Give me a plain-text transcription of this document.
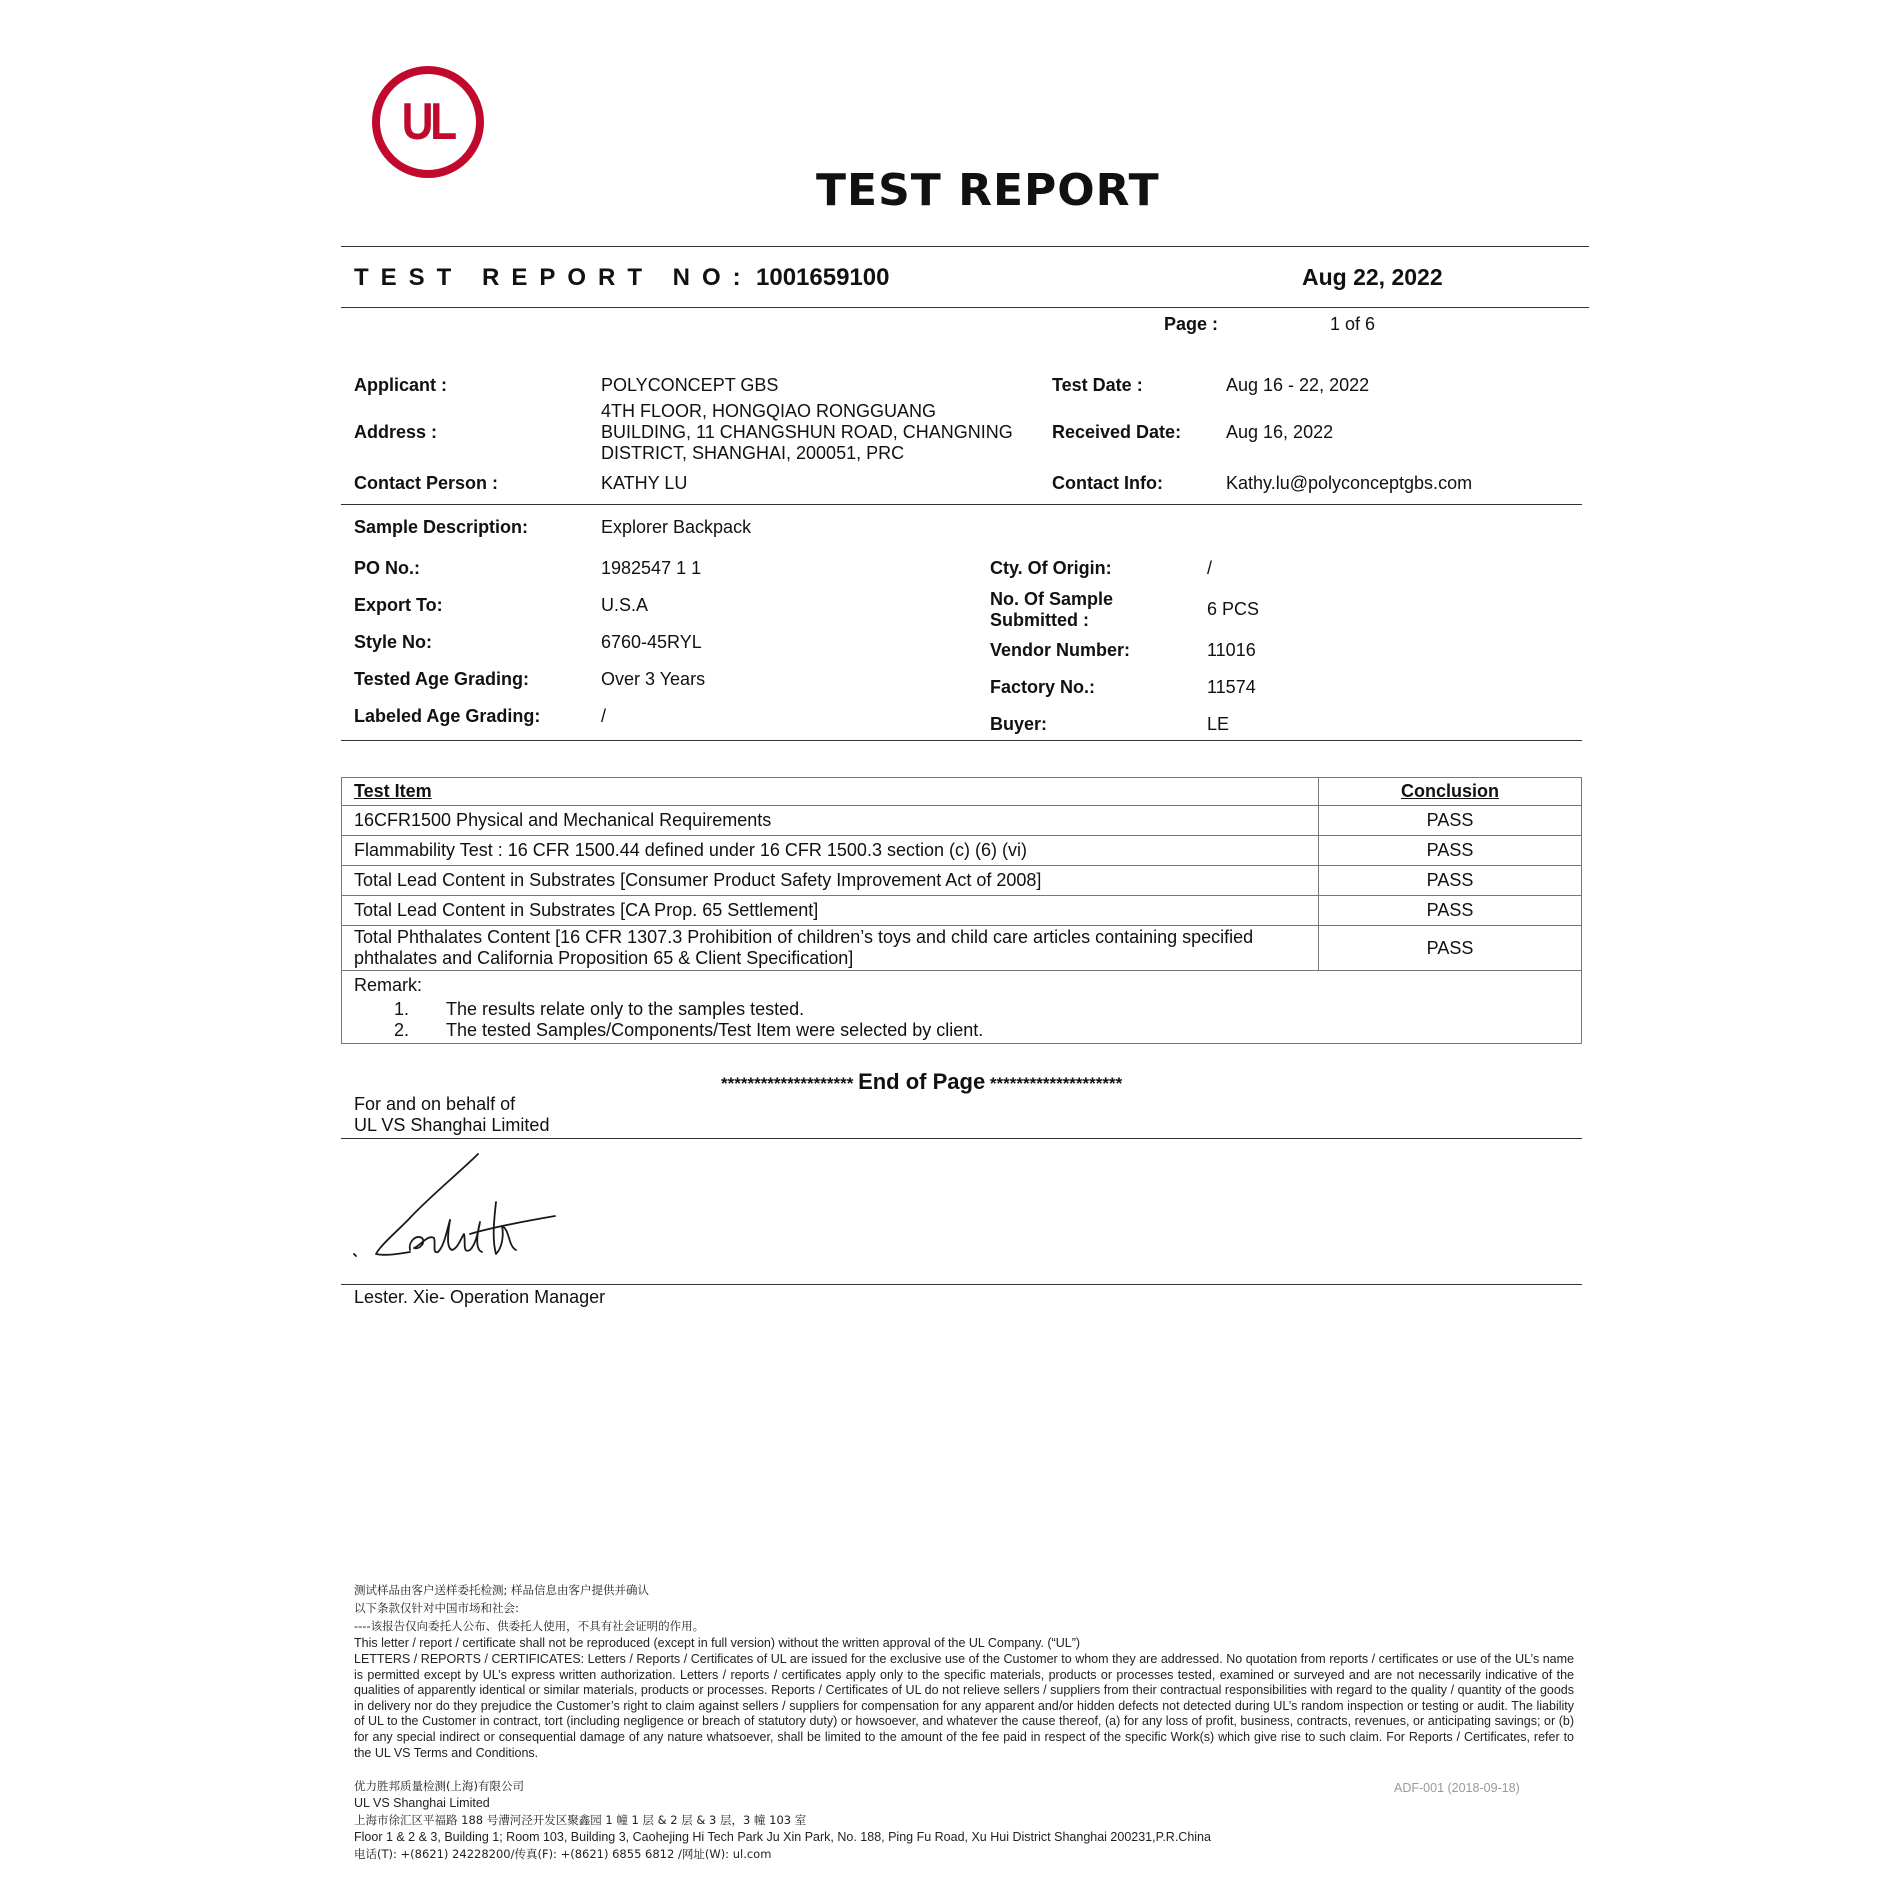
UL
TEST REPORT
TEST REPORT NO: 1001659100	Aug 22, 2022
Page :	1 of 6
Applicant :	POLYCONCEPT GBS
Address :
4TH FLOOR, HONGQIAO RONGGUANG
BUILDING, 11 CHANGSHUN ROAD, CHANGNING
DISTRICT, SHANGHAI, 200051, PRC
Contact Person :	KATHY LU
Test Date :	Aug 16 - 22, 2022
Received Date: Aug 16, 2022
Contact Info:	Kathy.lu@polyconceptgbs.com
Sample Description:	Explorer Backpack
PO No.:	1982547 1 1
Export To:	U.S.A
Style No:	6760-45RYL
Tested Age Grading:	Over 3 Years
Labeled Age Grading:	/
Cty. Of Origin:	/
No. Of Sample
Submitted :
6 PCS
Vendor Number:	11016
Factory No.:	11574
Buyer:	LE
Test Item	Conclusion
16CFR1500 Physical and Mechanical Requirements	PASS
Flammability Test : 16 CFR 1500.44 defined under 16 CFR 1500.3 section (c) (6) (vi)	PASS
Total Lead Content in Substrates [Consumer Product Safety Improvement Act of 2008]	PASS
Total Lead Content in Substrates [CA Prop. 65 Settlement]	PASS

Total Phthalates Content [16 CFR 1307.3 Prohibition of children’s toys and child care articles containing specified
phthalates and California Proposition 65 & Client Specification]	PASS

Remark:
1. The results relate only to the samples tested.
2. The tested Samples/Components/Test Item were selected by client.	
******************** End of Page ********************
For and on behalf of
UL VS Shanghai Limited
Lester. Xie- Operation Manager
测试样品由客户送样委托检测; 样品信息由客户提供并确认
以下条款仅针对中国市场和社会:
----该报告仅向委托人公布、供委托人使用，不具有社会证明的作用。
This letter / report / certificate shall not be reproduced (except in full version) without the written approval of the UL Company. (“UL”)
LETTERS / REPORTS / CERTIFICATES: Letters / Reports / Certificates of UL are issued for the exclusive use of the Customer to whom they are addressed. No quotation from reports / certificates or use of the UL’s name is permitted except by UL’s express written authorization. Letters / reports / certificates apply only to the specific materials, products or processes tested, examined or surveyed and are not necessarily indicative of the qualities of apparently identical or similar materials, products or processes. Reports / Certificates of UL do not relieve sellers / suppliers from their contractual responsibilities with regard to the quality / quantity of the goods in delivery nor do they prejudice the Customer’s right to claim against sellers / suppliers for compensation for any apparent and/or hidden defects not detected during UL’s random inspection or testing or audit. The liability of UL to the Customer in contract, tort (including negligence or breach of statutory duty) or howsoever, and whatever the cause thereof, (a) for any loss of profit, business, contracts, revenues, or anticipating savings; or (b) for any special indirect or consequential damage of any nature whatsoever, shall be limited to the amount of the fee paid in respect of the specific Work(s) which give rise to such claim. For Reports / Certificates, refer to the UL VS Terms and Conditions.
优力胜邦质量检测(上海)有限公司
UL VS Shanghai Limited
上海市徐汇区平福路 188 号漕河泾开发区聚鑫园 1 幢 1 层 & 2 层 & 3 层，3 幢 103 室
Floor 1 & 2 & 3, Building 1; Room 103, Building 3, Caohejing Hi Tech Park Ju Xin Park, No. 188, Ping Fu Road, Xu Hui District Shanghai 200231,P.R.China
电话(T): +(8621) 24228200/传真(F): +(8621) 6855 6812 /网址(W): ul.com
ADF-001 (2018-09-18)
